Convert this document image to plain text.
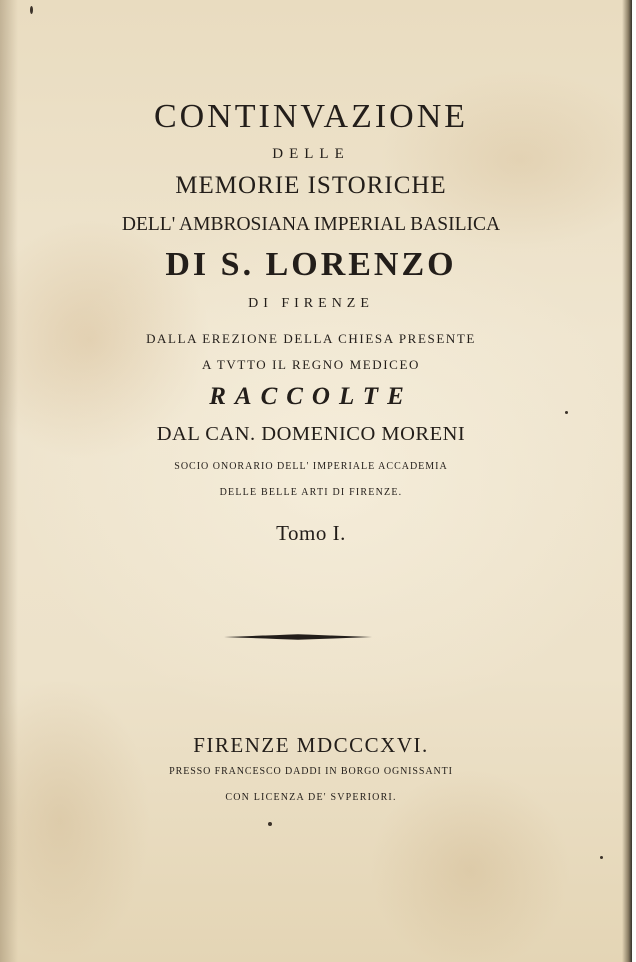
CONTINVAZIONE
DELLE
MEMORIE ISTORICHE
DELL' AMBROSIANA IMPERIAL BASILICA
DI S. LORENZO
DI FIRENZE
DALLA EREZIONE DELLA CHIESA PRESENTE
A TVTTO IL REGNO MEDICEO
RACCOLTE
DAL CAN. DOMENICO MORENI
SOCIO ONORARIO DELL' IMPERIALE ACCADEMIA
DELLE BELLE ARTI DI FIRENZE.
Tomo I.
FIRENZE MDCCCXVI.
PRESSO FRANCESCO DADDI IN BORGO OGNISSANTI
CON LICENZA DE' SVPERIORI.
